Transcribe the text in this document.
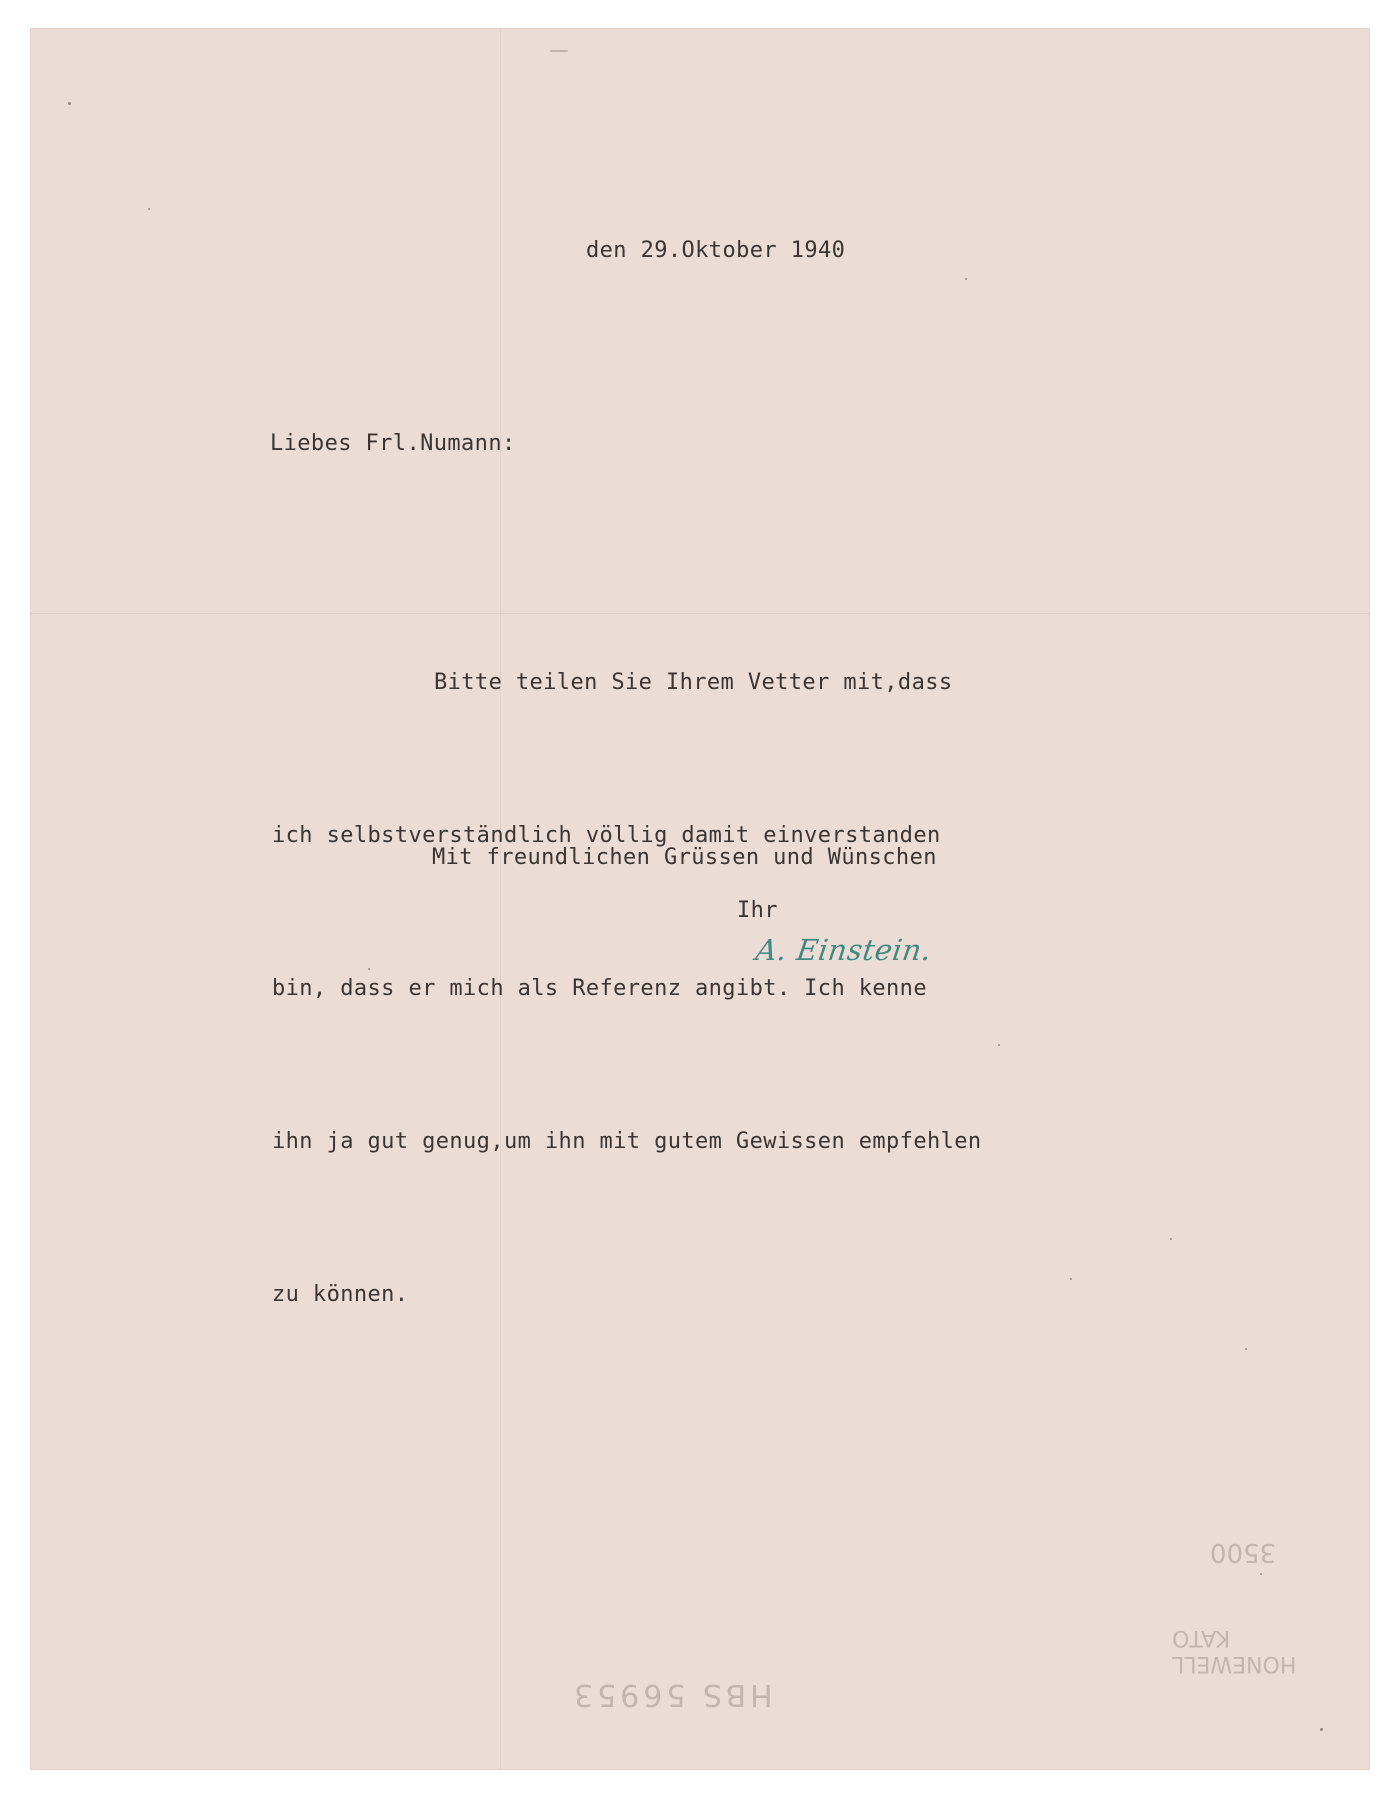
den 29.Oktober 1940
Liebes Frl.Numann:

Bitte teilen Sie Ihrem Vetter mit,dass

ich selbstverständlich völlig damit einverstanden

bin, dass er mich als Referenz angibt. Ich kenne

ihn ja gut genug,um ihn mit gutem Gewissen empfehlen

zu können.

Mit freundlichen Grüssen und Wünschen
Ihr
A. Einstein.
3500
HONEWELL
KATO
HBS 56953
